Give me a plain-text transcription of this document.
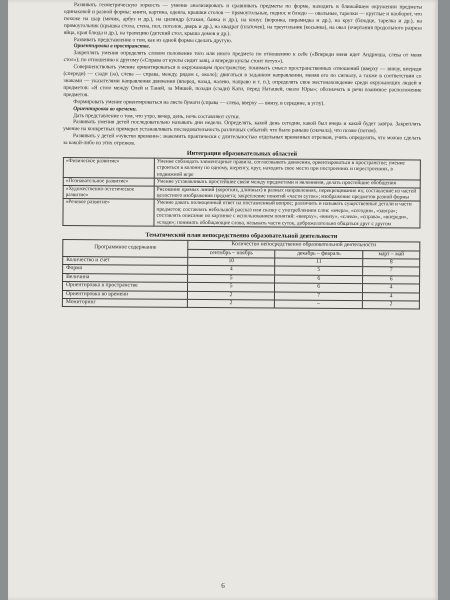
Развивать геометрическую зоркость — умение анализировать и сравнивать предметы по форме, находить в ближайшем окружении предметы одинаковой и разной формы: книги, картина, одеяла, крышки столов — прямоугольные, поднос и блюдо — овальные, тарелки — круглые и наоборот, что похоже на шар (мячик, арбуз и др.), на цилиндр (стакан, банка и др.), на конус (воронка, пирамидка и др.), на круг (блюдце, тарелка и др.), на прямоугольник (крышка стола, стена, пол, потолок, дверь и др.), на квадрат (платочек), на треугольник (косынка), на овал (очертания продольного разреза яйца, края блюда и др.), на трапецию (детский стол, крыша домов и др.).

Развивать представление о том, как из одной формы сделать другую.

Ориентировка в пространстве.

Закреплять умения определять словом положение того или иного предмета по отношению к себе («Впереди меня идет Андрюша, слева от меня стол»); по отношению к другому («Справа от куклы сидит заяц, а впереди куклы стоит петух»).

Совершенствовать умение ориентироваться в окружающем пространстве; понимать смысл пространственных отношений (вверху — внизу, впереди (спереди) — сзади (за), слева — справа, между, рядом с, около); двигаться в заданном направлении, меняя его по сигналу, а также в соответствии со знаками — указателями направления движения (вперед, назад, налево, направо и т. п.); определять свое местонахождение среди окружающих людей и предметов: «Я стою между Олей и Таней, за Мишей, позади (сзади) Кати, перед Наташей, около Юры»; обозначать в речи взаимное расположение предметов.

Формировать умение ориентироваться на листе бумаги (справа — слева, вверху — внизу, в середине, в углу).

Ориентировка во времени.

Дать представление о том, что утро, вечер, день, ночь составляют сутки.

Развивать умения детей последовательно называть дни недели. Определять, какой день сегодни, какой был вчера и какой будет завтра. Закреплять умение на конкретных примерах устанавливать последовательность различных событий: что было раньше (сначала), что позже (потом).

Развивать у детей «чувство времени»: знакомить практически с длительностью отдельных временных отрезков, учить определять, что можно сделать за какой-либо из этих отрезков.

Интеграция образовательных областей
«Физическое развитие»	Умение соблюдать элементарные правила, согласовывать движения, ориентироваться в пространстве; умение строиться в колонну по одному, шеренгу, круг, находить свое место при построениях и перестроениях, в подвижной игре
«Познавательное развитие»	Умение устанавливать простейшие связи между предметами и явлениями, делать простейшие обобщения
«Художественно-эстетическое развитие»	Рисование прямых линий (коротких, длинных) в разных направлениях, перекрещивание их; составление из частей целостного изображения предмета; закрепление понятий «части суток»; изображение предметов разной формы
«Речевое развитие»	Умение давать полноценный ответ на поставленный вопрос; различить и называть существенные детали и части предметов; составлять небольшой рассказ или сказку с употреблением слов: «вчера», «сегодня», «завтра»; составлять описание по картинке с использованием понятий: «вверху», «внизу», «слева», «справа», «впереди», «сзади»; понимать обобщающие слова, называть части суток, доброжелательно общаться друг с другом
Тематический план непосредственно образовательной деятельности
Программное содержание	Количество непосредственно образовательной деятельности		
	сентябрь – ноябрь	декабрь – февраль	март – май
Количество и счет	10	11	8
Форма	4	5	7
Величина	5	6	6
Ориентировка в пространстве	5	6	4
Ориентировка во времени	2	7	4
Мониторинг	2	–	2
6
